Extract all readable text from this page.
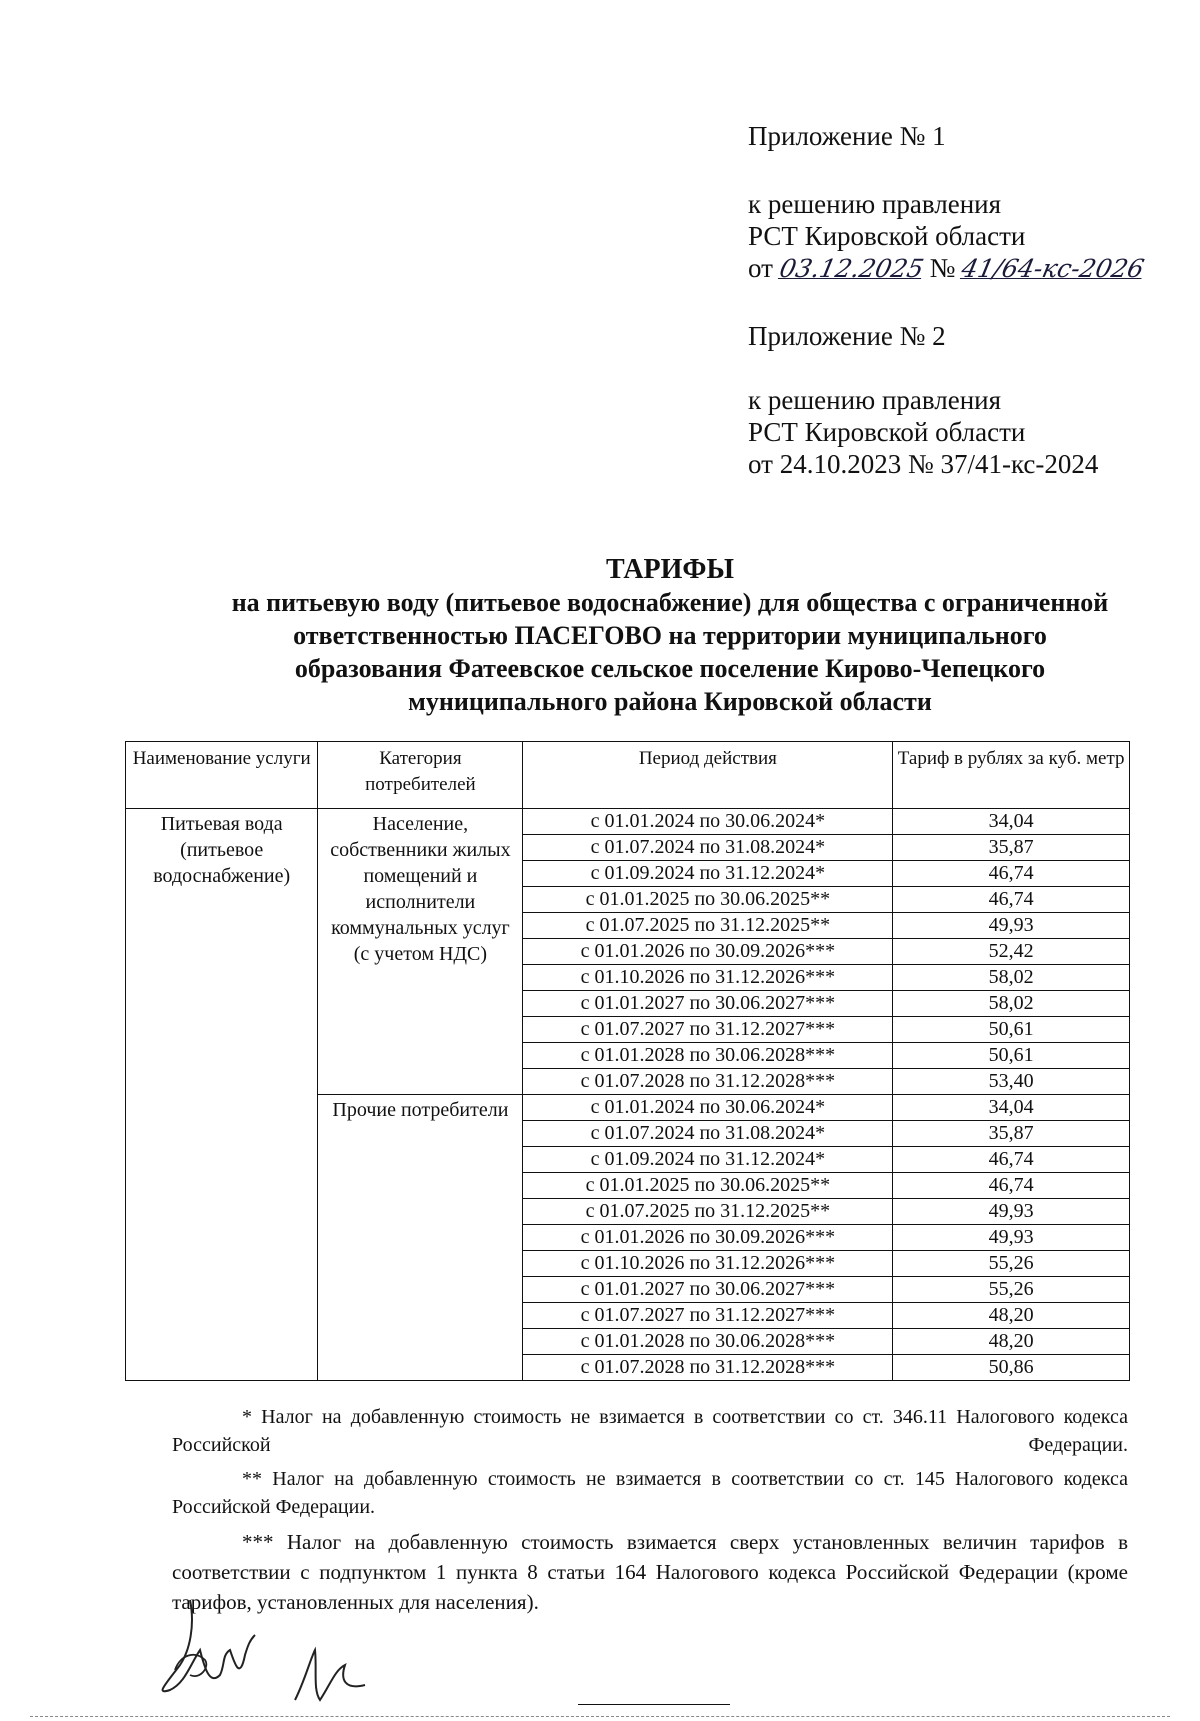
Приложение № 1
к решению правления
РСТ Кировской области
от 03.12.2025 № 41/64-кс-2026
Приложение № 2
к решению правления
РСТ Кировской области
от 24.10.2023 № 37/41-кс-2024
ТАРИФЫ
на питьевую воду (питьевое водоснабжение) для общества с ограниченной
ответственностью ПАСЕГОВО на территории муниципального
образования Фатеевское сельское поселение Кирово-Чепецкого
муниципального района Кировской области
Наименование услуги	Категория потребителей	Период действия	Тариф в рублях за куб. метр
Питьевая вода (питьевое водоснабжение)	Население, собственники жилых помещений и исполнители коммунальных услуг (с учетом НДС)	с 01.01.2024 по 30.06.2024*	34,04
		с 01.07.2024 по 31.08.2024*	35,87
		с 01.09.2024 по 31.12.2024*	46,74
		с 01.01.2025 по 30.06.2025**	46,74
		с 01.07.2025 по 31.12.2025**	49,93
		с 01.01.2026 по 30.09.2026***	52,42
		с 01.10.2026 по 31.12.2026***	58,02
		с 01.01.2027 по 30.06.2027***	58,02
		с 01.07.2027 по 31.12.2027***	50,61
		с 01.01.2028 по 30.06.2028***	50,61
		с 01.07.2028 по 31.12.2028***	53,40
	Прочие потребители	с 01.01.2024 по 30.06.2024*	34,04
		с 01.07.2024 по 31.08.2024*	35,87
		с 01.09.2024 по 31.12.2024*	46,74
		с 01.01.2025 по 30.06.2025**	46,74
		с 01.07.2025 по 31.12.2025**	49,93
		с 01.01.2026 по 30.09.2026***	49,93
		с 01.10.2026 по 31.12.2026***	55,26
		с 01.01.2027 по 30.06.2027***	55,26
		с 01.07.2027 по 31.12.2027***	48,20
		с 01.01.2028 по 30.06.2028***	48,20
		с 01.07.2028 по 31.12.2028***	50,86

* Налог на добавленную стоимость не взимается в соответствии со ст. 346.11 Налогового кодекса Российской Федерации.

** Налог на добавленную стоимость не взимается в соответствии со ст. 145 Налогового кодекса Российской Федерации.

*** Налог на добавленную стоимость взимается сверх установленных величин тарифов в соответствии с подпунктом 1 пункта 8 статьи 164 Налогового кодекса Российской Федерации (кроме тарифов, установленных для населения).
